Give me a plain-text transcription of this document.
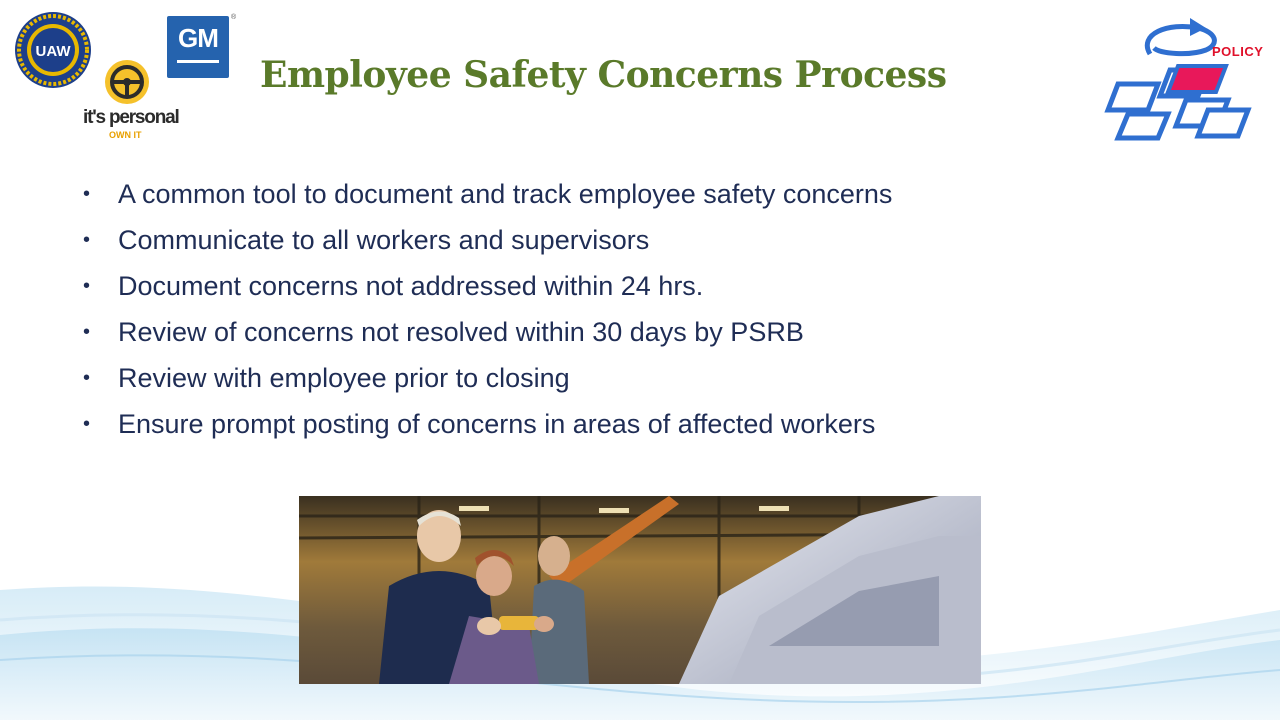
UAW	GM
®
it's personal
OWN IT
Employee Safety Concerns Process
POLICY
• A common tool to document and track employee safety concerns
• Communicate to all workers and supervisors
• Document concerns not addressed within 24 hrs.
• Review of concerns not resolved within 30 days by PSRB
• Review with employee prior to closing
• Ensure prompt posting of concerns in areas of affected workers
